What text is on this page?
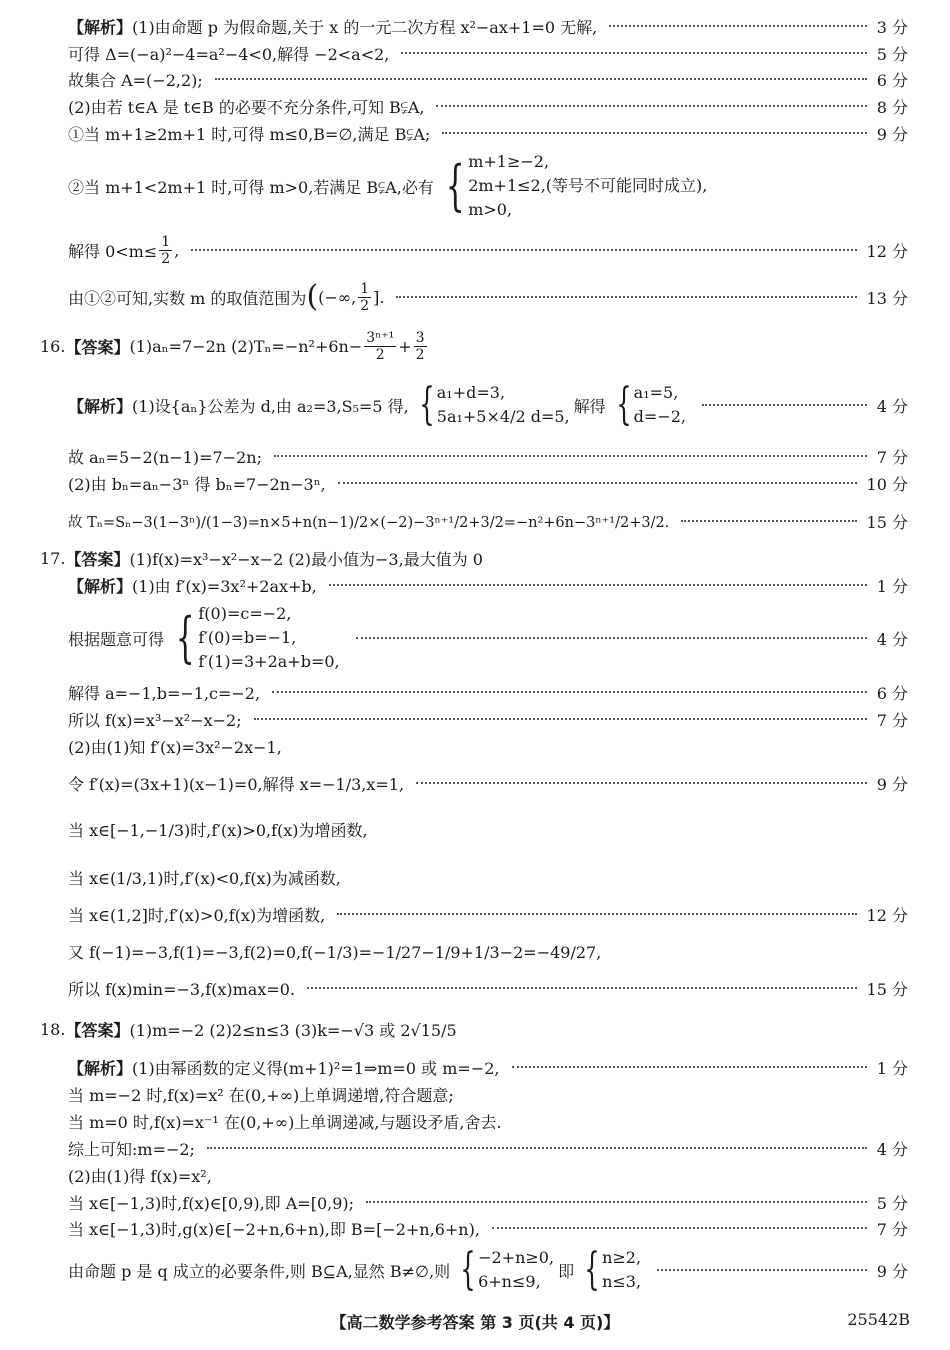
【解析】 (1)由命题 p 为假命题,关于 x 的一元二次方程 x²−ax+1=0 无解,	3 分
可得 Δ=(−a)²−4=a²−4<0,解得 −2<a<2,	5 分
故集合 A=(−2,2);	6 分
(2)由若 t∈A 是 t∈B 的必要不充分条件,可知 B⫋A,	8 分
①当 m+1≥2m+1 时,可得 m≤0,B=∅,满足 B⫋A;	9 分
②当 m+1<2m+1 时,可得 m>0,若满足 B⫋A,必有 { m+1≥−2,
2m+1≤2,(等号不可能同时成立),
m>0,
解得 $0<m\le \frac{1}{2}$ ,	12 分
由①②可知,实数 m 的取值范围为 ( (−∞, $\frac{1}{2}$ ].	13 分
16. 【答案】 (1)aₙ=7−2n $(2)T_n=-n^2+6n- \frac{\text{3ⁿ⁺¹}}{2} + \frac{3}{2}$
【解析】 (1)设{aₙ}公差为 d,由 a₂=3,S₅=5 得, { a₁+d=3,
5a₁+5×4/2 d=5,
解得 { a₁=5,
d=−2,
4 分
故 aₙ=5−2(n−1)=7−2n;	7 分
(2)由 bₙ=aₙ−3ⁿ 得 bₙ=7−2n−3ⁿ,	10 分
故 Tₙ=Sₙ−3(1−3ⁿ)/(1−3)=n×5+n(n−1)/2×(−2)−3ⁿ⁺¹/2+3/2=−n²+6n−3ⁿ⁺¹/2+3/2.	15 分
17. 【答案】 (1)f(x)=x³−x²−x−2 (2)最小值为−3,最大值为 0
【解析】 (1)由 f′(x)=3x²+2ax+b,	1 分
根据题意可得 { f(0)=c=−2,
f′(0)=b=−1,
f′(1)=3+2a+b=0,
4 分
解得 a=−1,b=−1,c=−2,	6 分
所以 f(x)=x³−x²−x−2;	7 分
(2)由(1)知 f′(x)=3x²−2x−1,
令 f′(x)=(3x+1)(x−1)=0,解得 x=−1/3,x=1,	9 分
当 x∈[−1,−1/3)时,f′(x)>0,f(x)为增函数,
当 x∈(1/3,1)时,f′(x)<0,f(x)为减函数,
当 x∈(1,2]时,f′(x)>0,f(x)为增函数,	12 分
又 f(−1)=−3,f(1)=−3,f(2)=0,f(−1/3)=−1/27−1/9+1/3−2=−49/27,
所以 f(x)min=−3,f(x)max=0.	15 分
18. 【答案】 (1)m=−2 (2)2≤n≤3 (3)k=−√3 或 2√15/5
【解析】 (1)由幂函数的定义得(m+1)²=1⇒m=0 或 m=−2,	1 分
当 m=−2 时,f(x)=x² 在(0,+∞)上单调递增,符合题意;
当 m=0 时,f(x)=x⁻¹ 在(0,+∞)上单调递减,与题设矛盾,舍去.
综上可知:m=−2;	4 分
(2)由(1)得 f(x)=x²,
当 x∈[−1,3)时,f(x)∈[0,9),即 A=[0,9);	5 分
当 x∈[−1,3)时,g(x)∈[−2+n,6+n),即 B=[−2+n,6+n),	7 分
由命题 p 是 q 成立的必要条件,则 B⊆A,显然 B≠∅,则 { −2+n≥0,
6+n≤9,
即 { n≥2,
n≤3,
9 分
【高二数学参考答案 第 3 页(共 4 页)】	25542B
